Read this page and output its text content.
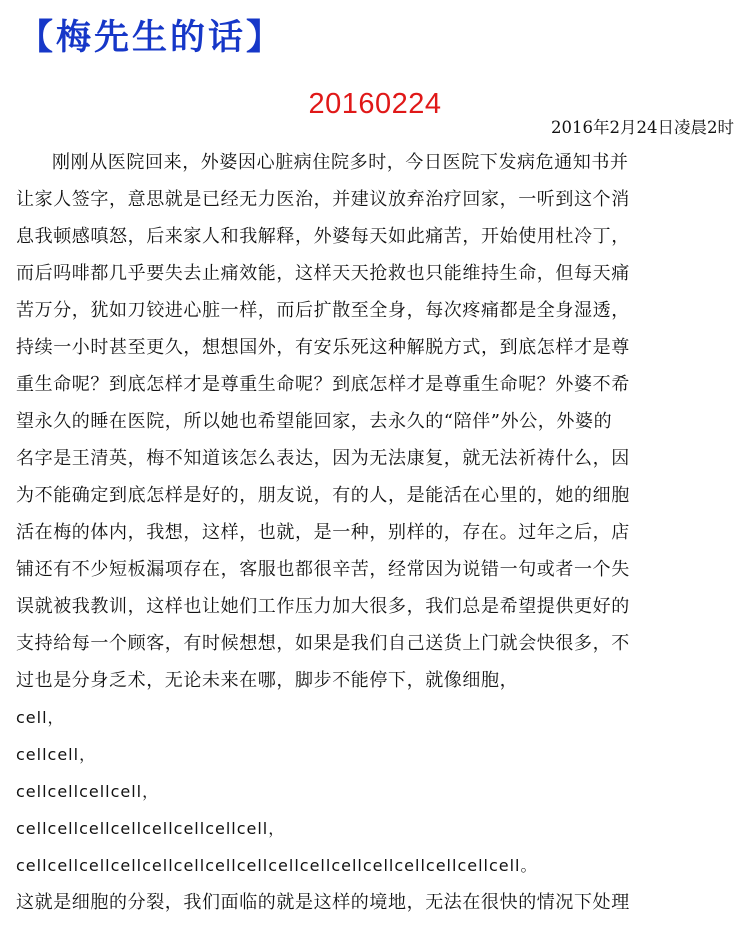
【梅先生的话】
20160224
2016年2月24日凌晨2时
刚刚从医院回来，外婆因心脏病住院多时，今日医院下发病危通知书并
让家人签字，意思就是已经无力医治，并建议放弃治疗回家，一听到这个消
息我顿感嗔怒，后来家人和我解释，外婆每天如此痛苦，开始使用杜冷丁，
而后吗啡都几乎要失去止痛效能，这样天天抢救也只能维持生命，但每天痛
苦万分，犹如刀铰进心脏一样，而后扩散至全身，每次疼痛都是全身湿透，
持续一小时甚至更久，想想国外，有安乐死这种解脱方式，到底怎样才是尊
重生命呢？到底怎样才是尊重生命呢？到底怎样才是尊重生命呢？外婆不希
望永久的睡在医院，所以她也希望能回家，去永久的“陪伴”外公，外婆的
名字是王清英，梅不知道该怎么表达，因为无法康复，就无法祈祷什么，因
为不能确定到底怎样是好的，朋友说，有的人，是能活在心里的，她的细胞
活在梅的体内，我想，这样，也就，是一种，别样的，存在。过年之后，店
铺还有不少短板漏项存在，客服也都很辛苦，经常因为说错一句或者一个失
误就被我教训，这样也让她们工作压力加大很多，我们总是希望提供更好的
支持给每一个顾客，有时候想想，如果是我们自己送货上门就会快很多，不
过也是分身乏术，无论未来在哪，脚步不能停下，就像细胞，
cell，
cellcell，
cellcellcellcell，
cellcellcellcellcellcellcellcell，
cellcellcellcellcellcellcellcellcellcellcellcellcellcellcellcell。
这就是细胞的分裂，我们面临的就是这样的境地，无法在很快的情况下处理
